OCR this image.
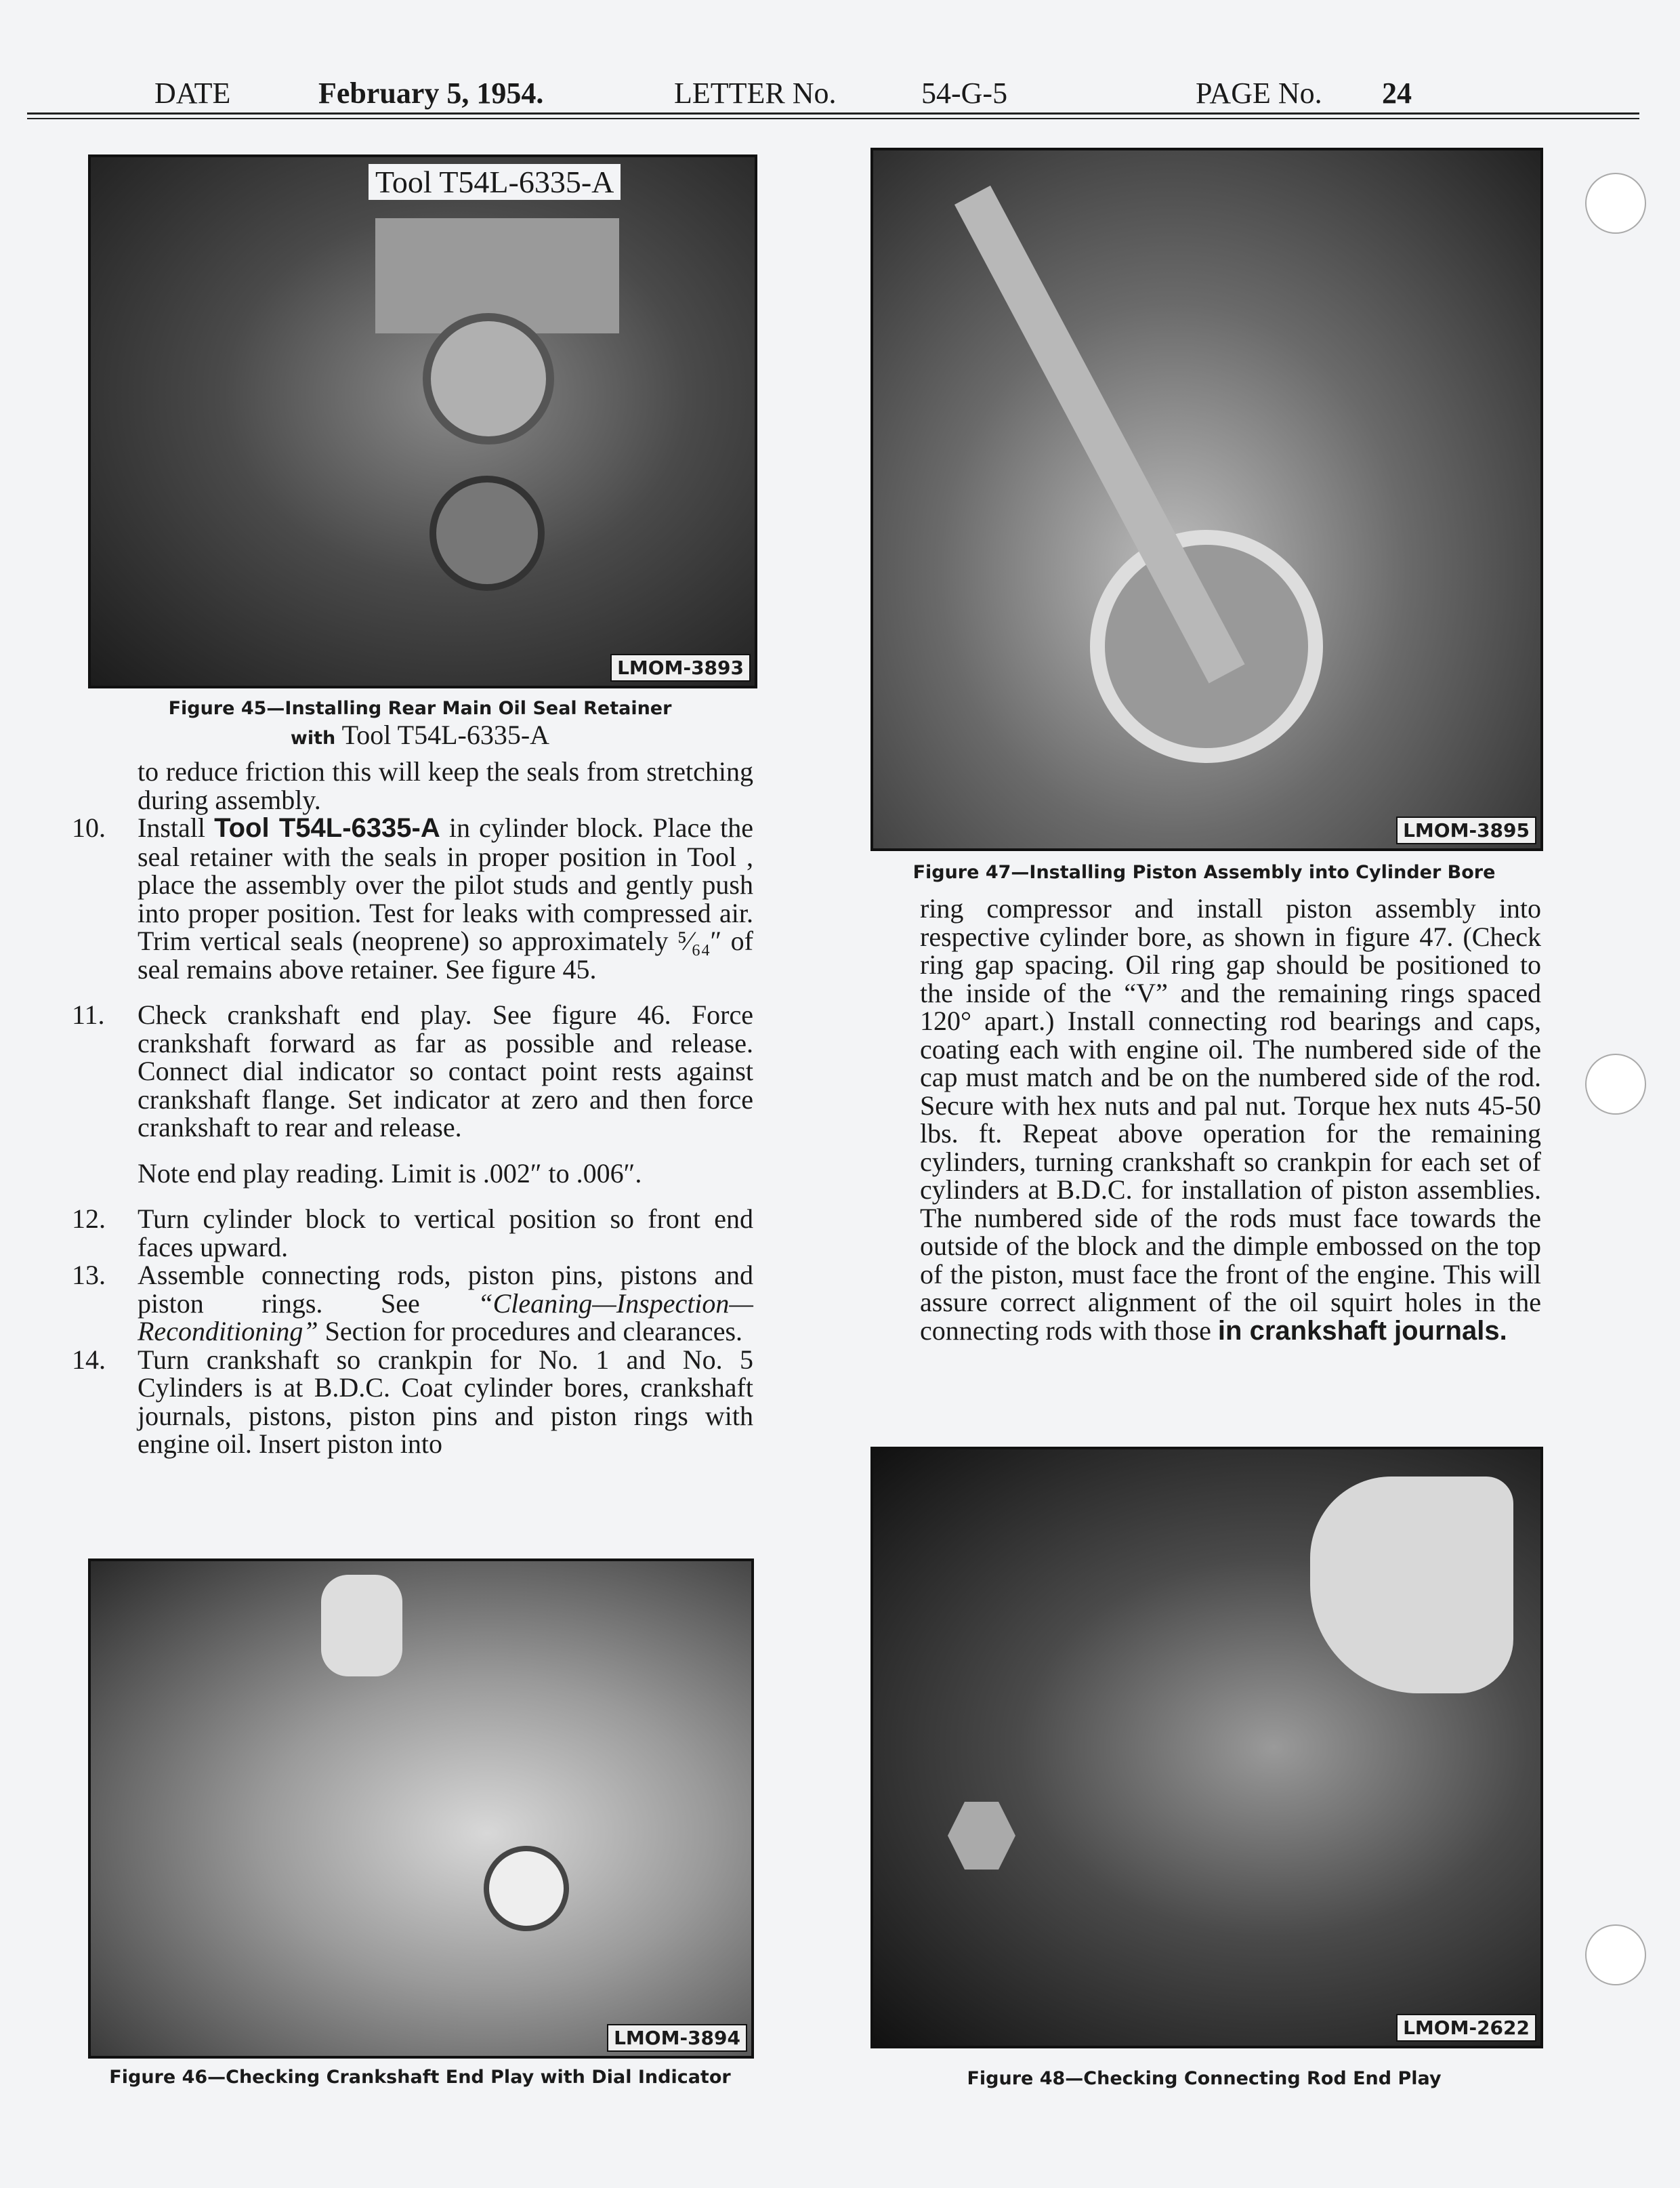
DATE	February 5, 1954.	LETTER No.	54-G-5	PAGE No. 24
Tool T54L-6335-A
LMOM-3893
Figure 45—Installing Rear Main Oil Seal Retainer
with Tool T54L-6335-A

to reduce friction this will keep the seals from stretching during assembly.

10. Install Tool T54L-6335-A in cylinder block. Place the seal retainer with the seals in proper position in Tool , place the assembly over the pilot studs and gently push into proper position. Test for leaks with compressed air. Trim vertical seals (neoprene) so approximately ⁵⁄₆₄″ of seal remains above retainer. See figure 45.

11. Check crankshaft end play. See figure 46. Force crankshaft forward as far as possible and release. Connect dial indicator so contact point rests against crankshaft flange. Set indicator at zero and then force crankshaft to rear and release.

Note end play reading. Limit is .002″ to .006″.

12. Turn cylinder block to vertical position so front end faces upward.

13. Assemble connecting rods, piston pins, pistons and piston rings. See “Cleaning—Inspection—Reconditioning” Section for procedures and clearances.

14. Turn crankshaft so crankpin for No. 1 and No. 5 Cylinders is at B.D.C. Coat cylinder bores, crankshaft journals, pistons, piston pins and piston rings with engine oil. Insert piston into

LMOM-3894
Figure 46—Checking Crankshaft End Play with Dial Indicator
LMOM-3895
Figure 47—Installing Piston Assembly into Cylinder Bore
ring compressor and install piston assembly into respective cylinder bore, as shown in figure 47. (Check ring gap spacing. Oil ring gap should be positioned to the inside of the “V” and the remaining rings spaced 120° apart.) Install connecting rod bearings and caps, coating each with engine oil. The numbered side of the cap must match and be on the numbered side of the rod. Secure with hex nuts and pal nut. Torque hex nuts 45-50 lbs. ft. Repeat above operation for the remaining cylinders, turning crankshaft so crankpin for each set of cylinders at B.D.C. for installation of piston assemblies. The numbered side of the rods must face towards the outside of the block and the dimple embossed on the top of the piston, must face the front of the engine. This will assure correct alignment of the oil squirt holes in the connecting rods with those in crankshaft journals.
LMOM-2622
Figure 48—Checking Connecting Rod End Play
